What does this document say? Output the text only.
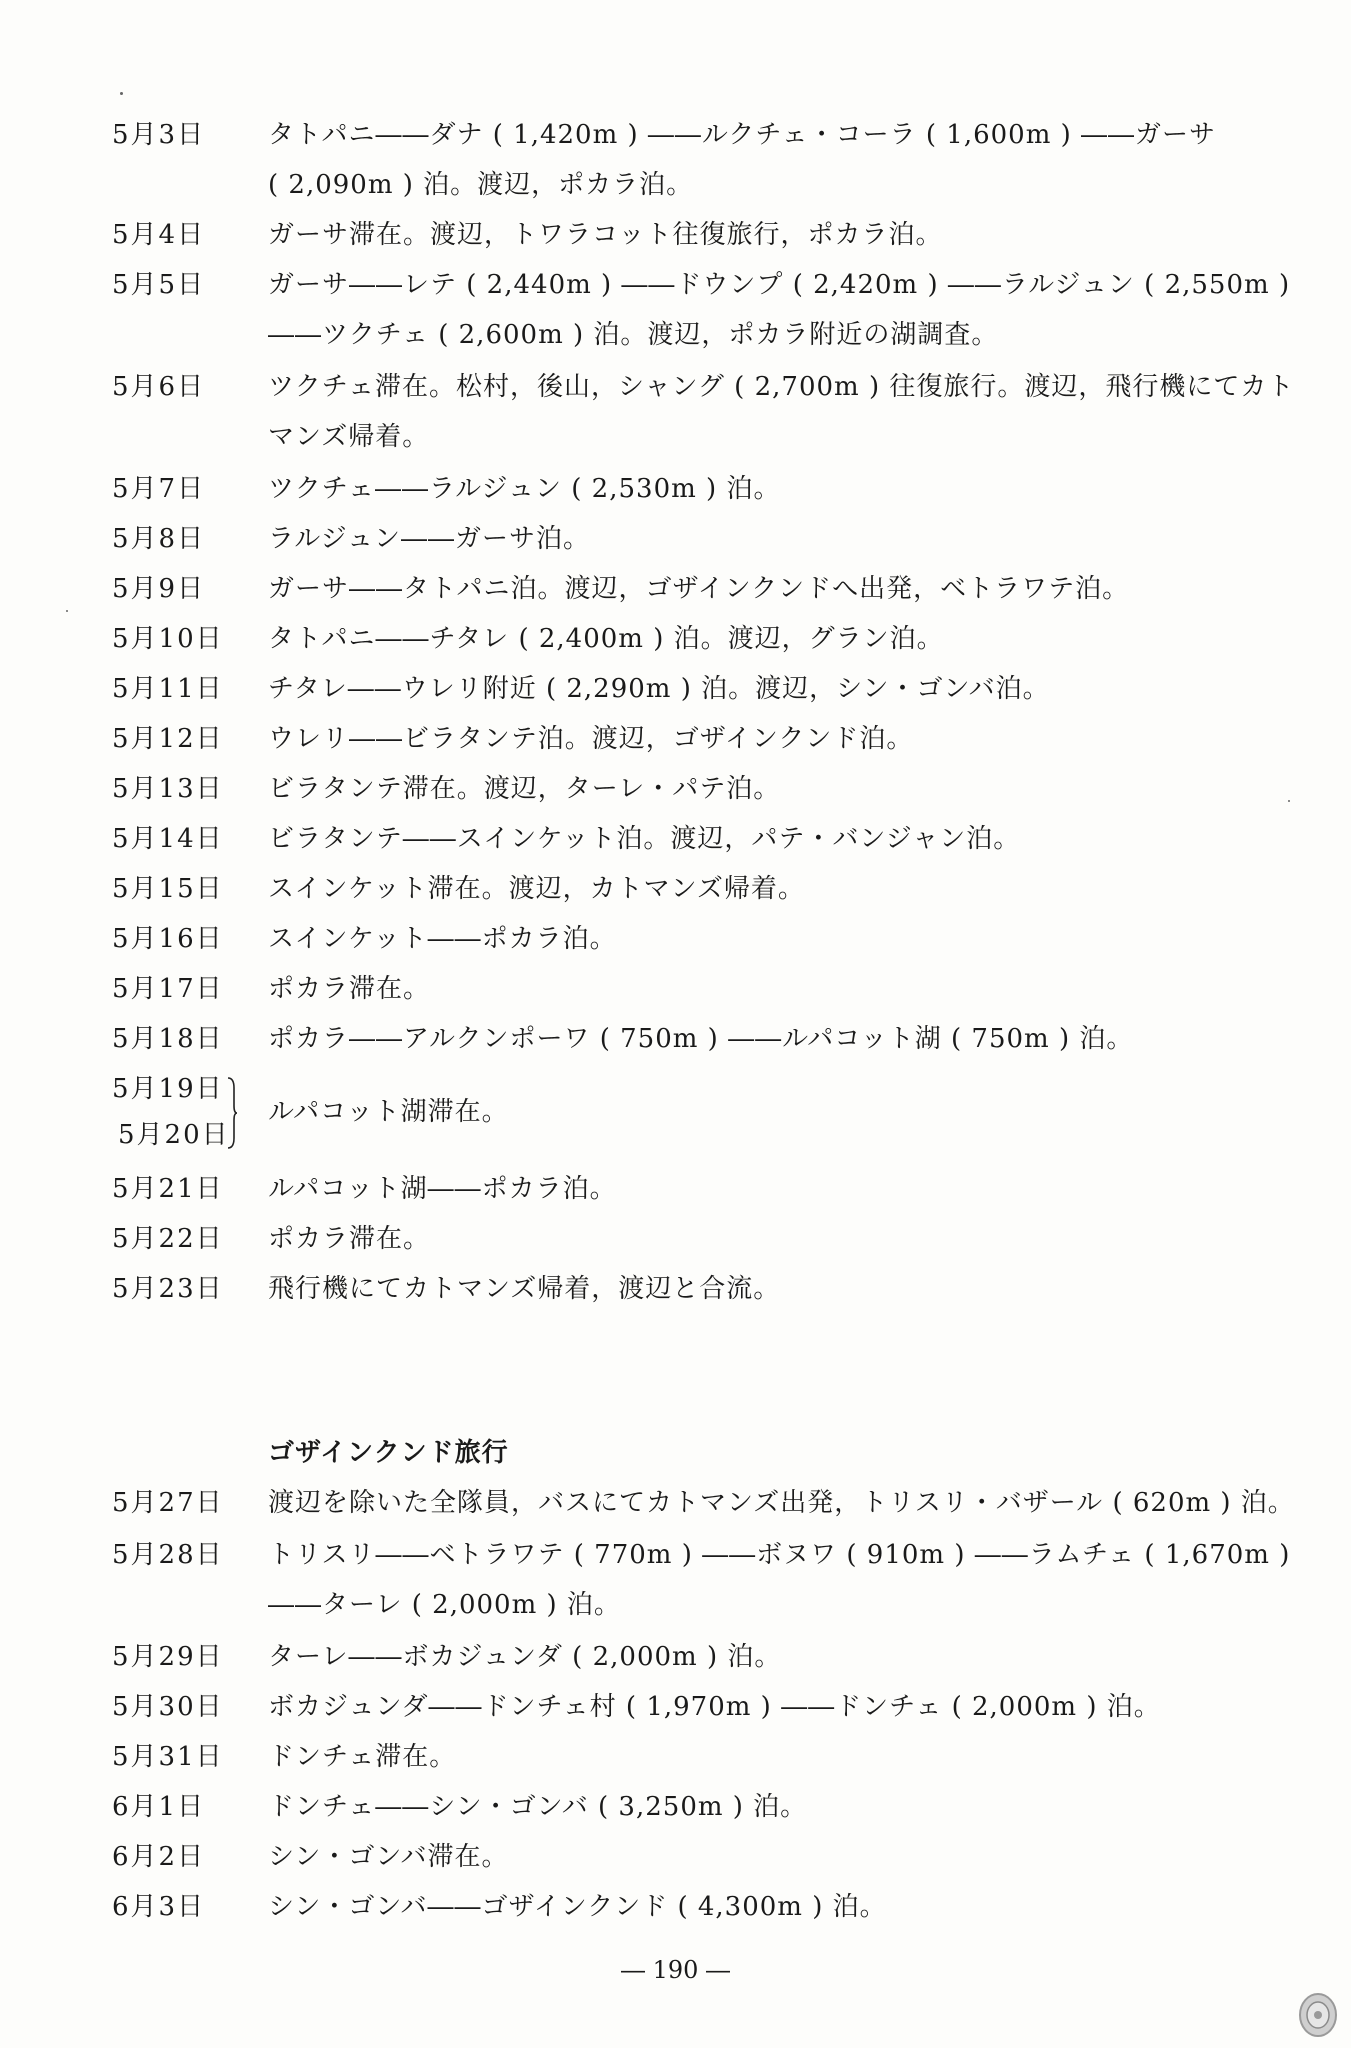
5月3日	タトパニ――ダナ ( 1,420m ) ――ルクチェ・コーラ ( 1,600m ) ――ガーサ
( 2,090m ) 泊。渡辺，ポカラ泊。
5月4日	ガーサ滞在。渡辺，トワラコット往復旅行，ポカラ泊。
5月5日	ガーサ――レテ ( 2,440m ) ――ドウンプ ( 2,420m ) ――ラルジュン ( 2,550m )
――ツクチェ ( 2,600m ) 泊。渡辺，ポカラ附近の湖調査。
5月6日	ツクチェ滞在。松村，後山，シャング ( 2,700m ) 往復旅行。渡辺，飛行機にてカト
マンズ帰着。
5月7日	ツクチェ――ラルジュン ( 2,530m ) 泊。
5月8日	ラルジュン――ガーサ泊。
5月9日	ガーサ――タトパニ泊。渡辺，ゴザインクンドへ出発，ベトラワテ泊。
5月10日 タトパニ――チタレ ( 2,400m ) 泊。渡辺，グラン泊。
5月11日 チタレ――ウレリ附近 ( 2,290m ) 泊。渡辺，シン・ゴンバ泊。
5月12日 ウレリ――ビラタンテ泊。渡辺，ゴザインクンド泊。
5月13日 ビラタンテ滞在。渡辺，ターレ・パテ泊。
5月14日 ビラタンテ――スインケット泊。渡辺，パテ・バンジャン泊。
5月15日 スインケット滞在。渡辺，カトマンズ帰着。
5月16日 スインケット――ポカラ泊。
5月17日 ポカラ滞在。
5月18日 ポカラ――アルクンポーワ ( 750m ) ――ルパコット湖 ( 750m ) 泊。
5月19日
5月20日
ルパコット湖滞在。
5月21日 ルパコット湖――ポカラ泊。
5月22日 ポカラ滞在。
5月23日 飛行機にてカトマンズ帰着，渡辺と合流。
ゴザインクンド旅行
5月27日 渡辺を除いた全隊員，バスにてカトマンズ出発，トリスリ・バザール ( 620m ) 泊。
5月28日 トリスリ――ベトラワテ ( 770m ) ――ボヌワ ( 910m ) ――ラムチェ ( 1,670m )
――ターレ ( 2,000m ) 泊。
5月29日 ターレ――ボカジュンダ ( 2,000m ) 泊。
5月30日 ボカジュンダ――ドンチェ村 ( 1,970m ) ――ドンチェ ( 2,000m ) 泊。
5月31日 ドンチェ滞在。
6月1日	ドンチェ――シン・ゴンバ ( 3,250m ) 泊。
6月2日	シン・ゴンバ滞在。
6月3日	シン・ゴンバ――ゴザインクンド ( 4,300m ) 泊。
― 190 ―
